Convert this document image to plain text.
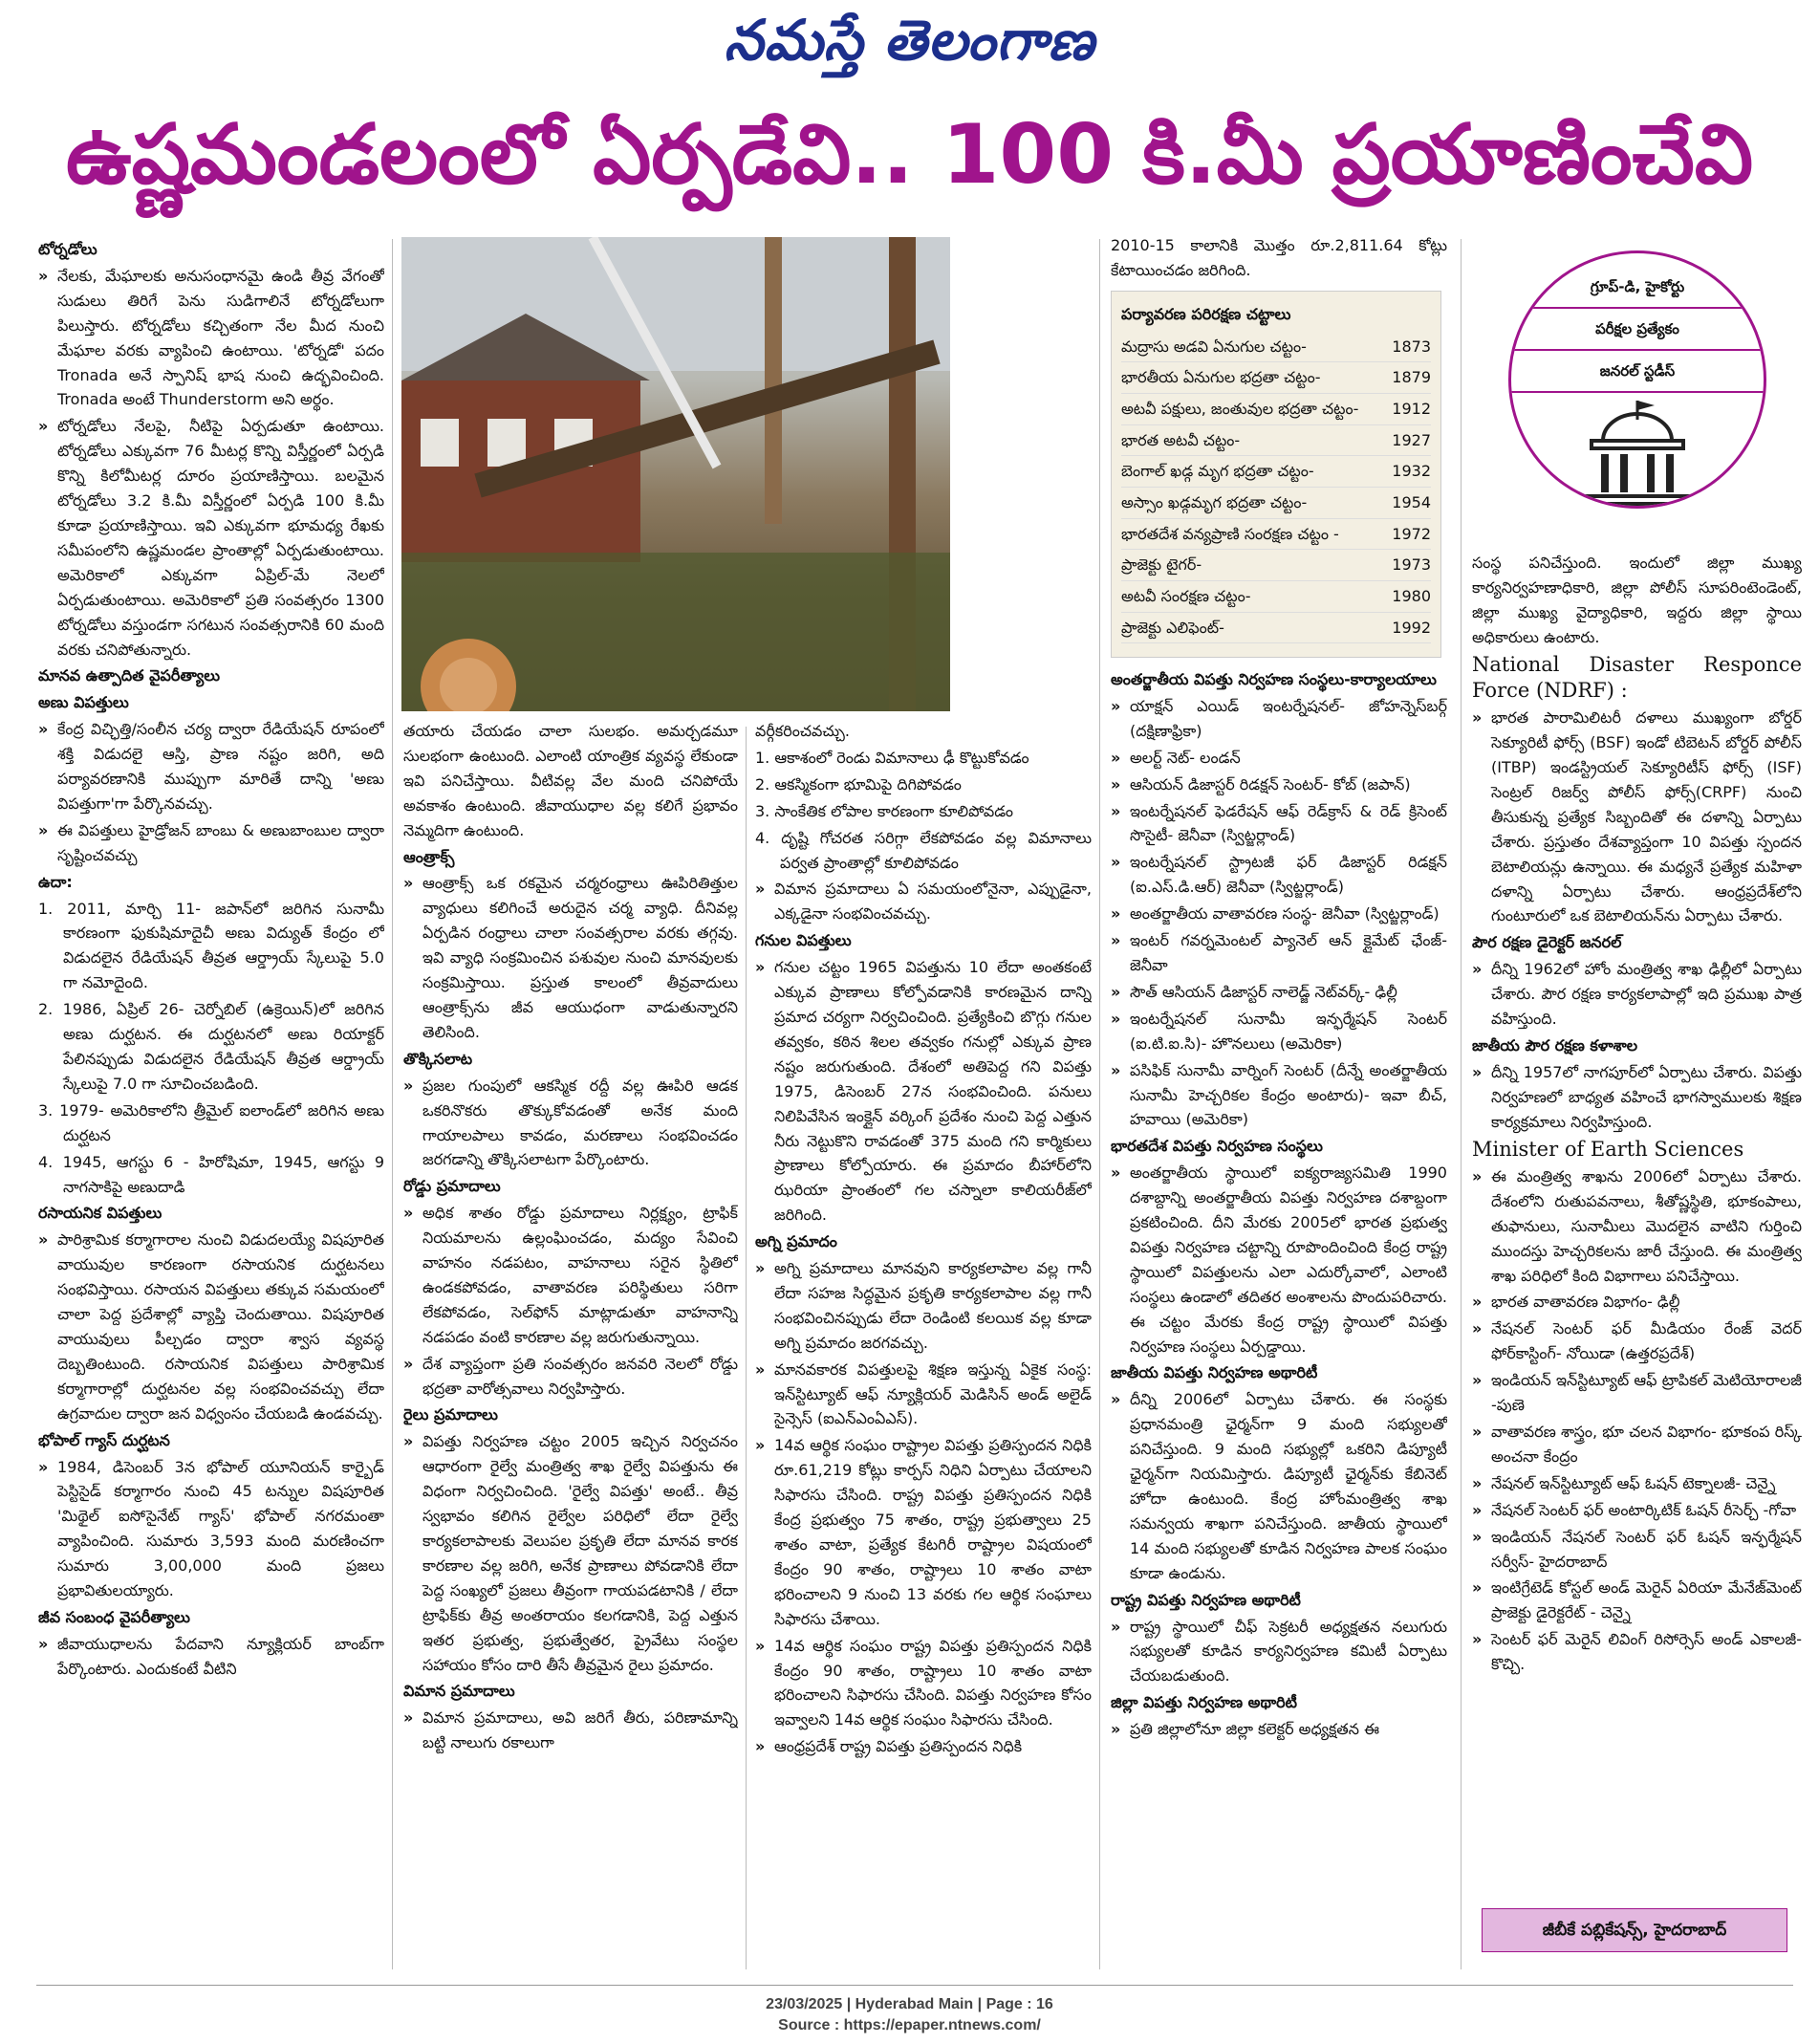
నమస్తే తెలంగాణ
ఉష్ణమండలంలో ఏర్పడేవి.. 100 కి.మీ ప్రయాణించేవి

టోర్నడోలు

» నేలకు, మేఘాలకు అనుసంధానమై ఉండి తీవ్ర వేగంతో సుడులు తిరిగే పెను సుడిగాలినే టోర్నడోలుగా పిలుస్తారు. టోర్నడోలు కచ్చితంగా నేల మీద నుంచి మేఘాల వరకు వ్యాపించి ఉంటాయి. 'టోర్నడో' పదం Tronada అనే స్పానిష్ భాష నుంచి ఉద్భవించింది. Tronada అంటే Thunderstorm అని అర్థం.

» టోర్నడోలు నేలపై, నీటిపై ఏర్పడుతూ ఉంటాయి. టోర్నడోలు ఎక్కువగా 76 మీటర్ల కొన్ని విస్తీర్ణంలో ఏర్పడి కొన్ని కిలోమీటర్ల దూరం ప్రయాణిస్తాయి. బలమైన టోర్నడోలు 3.2 కి.మీ విస్తీర్ణంలో ఏర్పడి 100 కి.మీ కూడా ప్రయాణిస్తాయి. ఇవి ఎక్కువగా భూమధ్య రేఖకు సమీపంలోని ఉష్ణమండల ప్రాంతాల్లో ఏర్పడుతుంటాయి. అమెరికాలో ఎక్కువగా ఏప్రిల్-మే నెలలో ఏర్పడుతుంటాయి. అమెరికాలో ప్రతి సంవత్సరం 1300 టోర్నడోలు వస్తుండగా సగటున సంవత్సరానికి 60 మంది వరకు చనిపోతున్నారు.

మానవ ఉత్పాదిత వైపరీత్యాలు

అణు విపత్తులు

» కేంద్ర విచ్ఛిత్తి/సంలీన చర్య ద్వారా రేడియేషన్ రూపంలో శక్తి విడుదలై ఆస్తి, ప్రాణ నష్టం జరిగి, అది పర్యావరణానికి ముప్పుగా మారితే దాన్ని 'అణు విపత్తుగా'గా పేర్కొనవచ్చు.

» ఈ విపత్తులు హైడ్రోజన్ బాంబు & అణుబాంబుల ద్వారా సృష్టించవచ్చు

ఉదా:

1. 2011, మార్చి 11- జపాన్‌లో జరిగిన సునామీ కారణంగా ఫుకుషిమాదైచీ అణు విద్యుత్ కేంద్రం లో విడుదలైన రేడియేషన్ తీవ్రత ఆర్డ్రాయ్ స్కేలుపై 5.0 గా నమోదైంది.

2. 1986, ఏప్రిల్ 26- చెర్నోబిల్ (ఉక్రెయిన్)లో జరిగిన అణు దుర్ఘటన. ఈ దుర్ఘటనలో అణు రియాక్టర్ పేలినప్పుడు విడుదలైన రేడియేషన్ తీవ్రత ఆర్డ్రాయ్ స్కేలుపై 7.0 గా సూచించబడింది.

3. 1979- అమెరికాలోని త్రీమైల్ ఐలాండ్‌లో జరిగిన అణు దుర్ఘటన

4. 1945, ఆగస్టు 6 - హిరోషిమా, 1945, ఆగస్టు 9 నాగసాకిపై అణుదాడి

రసాయనిక విపత్తులు

» పారిశ్రామిక కర్మాగారాల నుంచి విడుదలయ్యే విషపూరిత వాయువుల కారణంగా రసాయనిక దుర్ఘటనలు సంభవిస్తాయి. రసాయన విపత్తులు తక్కువ సమయంలో చాలా పెద్ద ప్రదేశాల్లో వ్యాప్తి చెందుతాయి. విషపూరిత వాయువులు పీల్చడం ద్వారా శ్వాస వ్యవస్థ దెబ్బతింటుంది. రసాయనిక విపత్తులు పారిశ్రామిక కర్మాగారాల్లో దుర్ఘటనల వల్ల సంభవించవచ్చు లేదా ఉగ్రవాదుల ద్వారా జన విధ్వంసం చేయబడి ఉండవచ్చు.

భోపాల్ గ్యాస్ దుర్ఘటన

» 1984, డిసెంబర్ 3న భోపాల్ యూనియన్ కార్బైడ్ పెస్టిసైడ్ కర్మాగారం నుంచి 45 టన్నుల విషపూరిత 'మిథైల్ ఐసోసైనేట్ గ్యాస్' భోపాల్ నగరమంతా వ్యాపించింది. సుమారు 3,593 మంది మరణించగా సుమారు 3,00,000 మంది ప్రజలు ప్రభావితులయ్యారు.

జీవ సంబంధ వైపరీత్యాలు

» జీవాయుధాలను పేదవాని న్యూక్లియర్ బాంబ్‌గా పేర్కొంటారు. ఎందుకంటే వీటిని

తయారు చేయడం చాలా సులభం. అమర్చడమూ సులభంగా ఉంటుంది. ఎలాంటి యాంత్రిక వ్యవస్థ లేకుండా ఇవి పనిచేస్తాయి. వీటివల్ల వేల మంది చనిపోయే అవకాశం ఉంటుంది. జీవాయుధాల వల్ల కలిగే ప్రభావం నెమ్మదిగా ఉంటుంది.

ఆంత్రాక్స్

» ఆంత్రాక్స్ ఒక రకమైన చర్మరంధ్రాలు ఊపిరితిత్తుల వ్యాధులు కలిగించే అరుదైన చర్మ వ్యాధి. దీనివల్ల ఏర్పడిన రంధ్రాలు చాలా సంవత్సరాల వరకు తగ్గవు. ఇవి వ్యాధి సంక్రమించిన పశువుల నుంచి మానవులకు సంక్రమిస్తాయి. ప్రస్తుత కాలంలో తీవ్రవాదులు ఆంత్రాక్స్‌ను జీవ ఆయుధంగా వాడుతున్నారని తెలిసింది.

తొక్కిసలాట

» ప్రజల గుంపులో ఆకస్మిక రద్దీ వల్ల ఊపిరి ఆడక ఒకరినొకరు తొక్కుకోవడంతో అనేక మంది గాయాలపాలు కావడం, మరణాలు సంభవించడం జరగడాన్ని తొక్కిసలాటగా పేర్కొంటారు.

రోడ్డు ప్రమాదాలు

» అధిక శాతం రోడ్డు ప్రమాదాలు నిర్లక్ష్యం, ట్రాఫిక్ నియమాలను ఉల్లంఘించడం, మద్యం సేవించి వాహనం నడపటం, వాహనాలు సరైన స్థితిలో ఉండకపోవడం, వాతావరణ పరిస్థితులు సరిగా లేకపోవడం, సెల్‌ఫోన్ మాట్లాడుతూ వాహనాన్ని నడపడం వంటి కారణాల వల్ల జరుగుతున్నాయి.

» దేశ వ్యాప్తంగా ప్రతి సంవత్సరం జనవరి నెలలో రోడ్డు భద్రతా వారోత్సవాలు నిర్వహిస్తారు.

రైలు ప్రమాదాలు

» విపత్తు నిర్వహణ చట్టం 2005 ఇచ్చిన నిర్వచనం ఆధారంగా రైల్వే మంత్రిత్వ శాఖ రైల్వే విపత్తును ఈ విధంగా నిర్వచించింది. 'రైల్వే విపత్తు' అంటే.. తీవ్ర స్వభావం కలిగిన రైల్వేల పరిధిలో లేదా రైల్వే కార్యకలాపాలకు వెలుపల ప్రకృతి లేదా మానవ కారక కారణాల వల్ల జరిగి, అనేక ప్రాణాలు పోవడానికి లేదా పెద్ద సంఖ్యలో ప్రజలు తీవ్రంగా గాయపడటానికి / లేదా ట్రాఫిక్‌కు తీవ్ర అంతరాయం కలగడానికి, పెద్ద ఎత్తున ఇతర ప్రభుత్వ, ప్రభుత్వేతర, ప్రైవేటు సంస్థల సహాయం కోసం దారి తీసే తీవ్రమైన రైలు ప్రమాదం.

విమాన ప్రమాదాలు

» విమాన ప్రమాదాలు, అవి జరిగే తీరు, పరిణామాన్ని బట్టి నాలుగు రకాలుగా

వర్గీకరించవచ్చు.

1. ఆకాశంలో రెండు విమానాలు ఢీ కొట్టుకోవడం

2. ఆకస్మికంగా భూమిపై దిగిపోవడం

3. సాంకేతిక లోపాల కారణంగా కూలిపోవడం

4. దృష్టి గోచరత సరిగ్గా లేకపోవడం వల్ల విమానాలు పర్వత ప్రాంతాల్లో కూలిపోవడం

» విమాన ప్రమాదాలు ఏ సమయంలోనైనా, ఎప్పుడైనా, ఎక్కడైనా సంభవించవచ్చు.

గనుల విపత్తులు

» గనుల చట్టం 1965 విపత్తును 10 లేదా అంతకంటే ఎక్కువ ప్రాణాలు కోల్పోవడానికి కారణమైన దాన్ని ప్రమాద చర్యగా నిర్వచించింది. ప్రత్యేకించి బొగ్గు గనుల తవ్వకం, కఠిన శిలల తవ్వకం గనుల్లో ఎక్కువ ప్రాణ నష్టం జరుగుతుంది. దేశంలో అతిపెద్ద గని విపత్తు 1975, డిసెంబర్ 27న సంభవించింది. పనులు నిలిపివేసిన ఇంక్లైన్ వర్కింగ్ ప్రదేశం నుంచి పెద్ద ఎత్తున నీరు నెట్టుకొని రావడంతో 375 మంది గని కార్మికులు ప్రాణాలు కోల్పోయారు. ఈ ప్రమాదం బీహార్‌లోని ఝరియా ప్రాంతంలో గల చస్నాలా కాలియరీజ్‌లో జరిగింది.

అగ్ని ప్రమాదం

» అగ్ని ప్రమాదాలు మానవుని కార్యకలాపాల వల్ల గానీ లేదా సహజ సిద్ధమైన ప్రకృతి కార్యకలాపాల వల్ల గానీ సంభవించినప్పుడు లేదా రెండింటి కలయిక వల్ల కూడా అగ్ని ప్రమాదం జరగవచ్చు.

» మానవకారక విపత్తులపై శిక్షణ ఇస్తున్న ఏకైక సంస్థ: ఇన్‌స్టిట్యూట్ ఆఫ్ న్యూక్లియర్ మెడిసిన్ అండ్ అలైడ్ సైన్సెస్ (ఐఎన్ఎంఏఎస్).

» 14వ ఆర్థిక సంఘం రాష్ట్రాల విపత్తు ప్రతిస్పందన నిధికి రూ.61,219 కోట్లు కార్పస్ నిధిని ఏర్పాటు చేయాలని సిఫారసు చేసింది. రాష్ట్ర విపత్తు ప్రతిస్పందన నిధికి కేంద్ర ప్రభుత్వం 75 శాతం, రాష్ట్ర ప్రభుత్వాలు 25 శాతం వాటా, ప్రత్యేక కేటగిరీ రాష్ట్రాల విషయంలో కేంద్రం 90 శాతం, రాష్ట్రాలు 10 శాతం వాటా భరించాలని 9 నుంచి 13 వరకు గల ఆర్థిక సంఘాలు సిఫారసు చేశాయి.

» 14వ ఆర్థిక సంఘం రాష్ట్ర విపత్తు ప్రతిస్పందన నిధికి కేంద్రం 90 శాతం, రాష్ట్రాలు 10 శాతం వాటా భరించాలని సిఫారసు చేసింది. విపత్తు నిర్వహణ కోసం ఇవ్వాలని 14వ ఆర్థిక సంఘం సిఫారసు చేసింది.

» ఆంధ్రప్రదేశ్ రాష్ట్ర విపత్తు ప్రతిస్పందన నిధికి

2010-15 కాలానికి మొత్తం రూ.2,811.64 కోట్లు కేటాయించడం జరిగింది.

పర్యావరణ పరిరక్షణ చట్టాలు
మద్రాసు అడవి ఏనుగుల చట్టం-	1873
భారతీయ ఏనుగుల భద్రతా చట్టం-	1879
అటవీ పక్షులు, జంతువుల భద్రతా చట్టం- 1912
భారత అటవీ చట్టం-	1927
బెంగాల్ ఖడ్గ మృగ భద్రతా చట్టం-	1932
అస్సాం ఖడ్గమృగ భద్రతా చట్టం-	1954
భారతదేశ వన్యప్రాణి సంరక్షణ చట్టం -	1972
ప్రాజెక్టు టైగర్-	1973
అటవీ సంరక్షణ చట్టం-	1980
ప్రాజెక్టు ఎలిఫెంట్-	1992

అంతర్జాతీయ విపత్తు నిర్వహణ సంస్థలు-కార్యాలయాలు

» యాక్షన్ ఎయిడ్ ఇంటర్నేషనల్- జోహన్నెస్‌బర్గ్ (దక్షిణాఫ్రికా)

» అలర్ట్ నెట్- లండన్

» ఆసియన్ డిజాస్టర్ రిడక్షన్ సెంటర్- కోబ్ (జపాన్)

» ఇంటర్నేషనల్ ఫెడరేషన్ ఆఫ్ రెడ్‌క్రాస్ & రెడ్ క్రిసెంట్ సొసైటీ- జెనీవా (స్విట్జర్లాండ్)

» ఇంటర్నేషనల్ స్ట్రాటజీ ఫర్ డిజాస్టర్ రిడక్షన్ (ఐ.ఎస్.డి.ఆర్) జెనీవా (స్విట్జర్లాండ్)

» అంతర్జాతీయ వాతావరణ సంస్థ- జెనీవా (స్విట్జర్లాండ్)

» ఇంటర్ గవర్నమెంటల్ ప్యానెల్ ఆన్ క్లైమేట్ ఛేంజ్- జెనీవా

» సౌత్ ఆసియన్ డిజాస్టర్ నాలెడ్జ్ నెట్‌వర్క్- ఢిల్లీ

» ఇంటర్నేషనల్ సునామీ ఇన్ఫర్మేషన్ సెంటర్ (ఐ.టి.ఐ.సి)- హొనలులు (అమెరికా)

» పసిఫిక్ సునామీ వార్నింగ్ సెంటర్ (దీన్నే అంతర్జాతీయ సునామీ హెచ్చరికల కేంద్రం అంటారు)- ఇవా బీచ్, హవాయి (అమెరికా)

భారతదేశ విపత్తు నిర్వహణ సంస్థలు

» అంతర్జాతీయ స్థాయిలో ఐక్యరాజ్యసమితి 1990 దశాబ్దాన్ని అంతర్జాతీయ విపత్తు నిర్వహణ దశాబ్దంగా ప్రకటించింది. దీని మేరకు 2005లో భారత ప్రభుత్వ విపత్తు నిర్వహణ చట్టాన్ని రూపొందించింది కేంద్ర రాష్ట్ర స్థాయిలో విపత్తులను ఎలా ఎదుర్కోవాలో, ఎలాంటి సంస్థలు ఉండాలో తదితర అంశాలను పొందుపరిచారు. ఈ చట్టం మేరకు కేంద్ర రాష్ట్ర స్థాయిలో విపత్తు నిర్వహణ సంస్థలు ఏర్పడ్డాయి.

జాతీయ విపత్తు నిర్వహణ అథారిటీ

» దీన్ని 2006లో ఏర్పాటు చేశారు. ఈ సంస్థకు ప్రధానమంత్రి ఛైర్మన్‌గా 9 మంది సభ్యులతో పనిచేస్తుంది. 9 మంది సభ్యుల్లో ఒకరిని డిప్యూటీ ఛైర్మన్‌గా నియమిస్తారు. డిప్యూటీ ఛైర్మన్‌కు కేబినెట్ హోదా ఉంటుంది. కేంద్ర హోంమంత్రిత్వ శాఖ సమన్వయ శాఖగా పనిచేస్తుంది. జాతీయ స్థాయిలో 14 మంది సభ్యులతో కూడిన నిర్వహణ పాలక సంఘం కూడా ఉండును.

రాష్ట్ర విపత్తు నిర్వహణ అథారిటీ

» రాష్ట్ర స్థాయిలో చీఫ్ సెక్రటరీ అధ్యక్షతన నలుగురు సభ్యులతో కూడిన కార్యనిర్వహణ కమిటీ ఏర్పాటు చేయబడుతుంది.

జిల్లా విపత్తు నిర్వహణ అథారిటీ

» ప్రతి జిల్లాలోనూ జిల్లా కలెక్టర్ అధ్యక్షతన ఈ

గ్రూప్-డి, హైకోర్టు
పరీక్షల ప్రత్యేకం
జనరల్ స్టడీస్

సంస్థ పనిచేస్తుంది. ఇందులో జిల్లా ముఖ్య కార్యనిర్వహణాధికారి, జిల్లా పోలీస్ సూపరింటెండెంట్, జిల్లా ముఖ్య వైద్యాధికారి, ఇద్దరు జిల్లా స్థాయి అధికారులు ఉంటారు.

National Disaster Responce Force (NDRF) :

» భారత పారామిలిటరీ దళాలు ముఖ్యంగా బోర్డర్ సెక్యూరిటీ ఫోర్స్ (BSF) ఇండో టిబెటన్ బోర్డర్ పోలీస్ (ITBP) ఇండస్ట్రియల్ సెక్యూరిటీస్ ఫోర్స్ (ISF) సెంట్రల్ రిజర్వ్ పోలీస్ ఫోర్స్(CRPF) నుంచి తీసుకున్న ప్రత్యేక సిబ్బందితో ఈ దళాన్ని ఏర్పాటు చేశారు. ప్రస్తుతం దేశవ్యాప్తంగా 10 విపత్తు స్పందన బెటాలియన్లు ఉన్నాయి. ఈ మధ్యనే ప్రత్యేక మహిళా దళాన్ని ఏర్పాటు చేశారు. ఆంధ్రప్రదేశ్‌లోని గుంటూరులో ఒక బెటాలియన్‌ను ఏర్పాటు చేశారు.

పౌర రక్షణ డైరెక్టర్ జనరల్

» దీన్ని 1962లో హోం మంత్రిత్వ శాఖ ఢిల్లీలో ఏర్పాటు చేశారు. పౌర రక్షణ కార్యకలాపాల్లో ఇది ప్రముఖ పాత్ర వహిస్తుంది.

జాతీయ పౌర రక్షణ కళాశాల

» దీన్ని 1957లో నాగపూర్‌లో ఏర్పాటు చేశారు. విపత్తు నిర్వహణలో బాధ్యత వహించే భాగస్వాములకు శిక్షణ కార్యక్రమాలు నిర్వహిస్తుంది.

Minister of Earth Sciences

» ఈ మంత్రిత్వ శాఖను 2006లో ఏర్పాటు చేశారు. దేశంలోని రుతుపవనాలు, శీతోష్ణస్థితి, భూకంపాలు, తుఫానులు, సునామీలు మొదలైన వాటిని గుర్తించి ముందస్తు హెచ్చరికలను జారీ చేస్తుంది. ఈ మంత్రిత్వ శాఖ పరిధిలో కింది విభాగాలు పనిచేస్తాయి.

» భారత వాతావరణ విభాగం- ఢిల్లీ

» నేషనల్ సెంటర్ ఫర్ మీడియం రేంజ్ వెదర్ ఫోర్‌కాస్టింగ్- నోయిడా (ఉత్తరప్రదేశ్)

» ఇండియన్ ఇన్‌స్టిట్యూట్ ఆఫ్ ట్రాపికల్ మెటియోరాలజీ -పుణె

» వాతావరణ శాస్త్రం, భూ చలన విభాగం- భూకంప రిస్క్ అంచనా కేంద్రం

» నేషనల్ ఇన్‌స్టిట్యూట్ ఆఫ్ ఓషన్ టెక్నాలజీ- చెన్నై

» నేషనల్ సెంటర్ ఫర్ అంటార్కిటిక్ ఓషన్ రీసెర్చ్ -గోవా

» ఇండియన్ నేషనల్ సెంటర్ ఫర్ ఓషన్ ఇన్ఫర్మేషన్ సర్వీస్- హైదరాబాద్

» ఇంటిగ్రేటెడ్ కోస్టల్ అండ్ మెరైన్ ఏరియా మేనేజ్‌మెంట్ ప్రాజెక్టు డైరెక్టరేట్ - చెన్నై

» సెంటర్ ఫర్ మెరైన్ లివింగ్ రిసోర్సెస్ అండ్ ఎకాలజీ- కొచ్చి.

జీబీకే పబ్లికేషన్స్, హైదరాబాద్
23/03/2025 | Hyderabad Main | Page : 16
Source : https://epaper.ntnews.com/
